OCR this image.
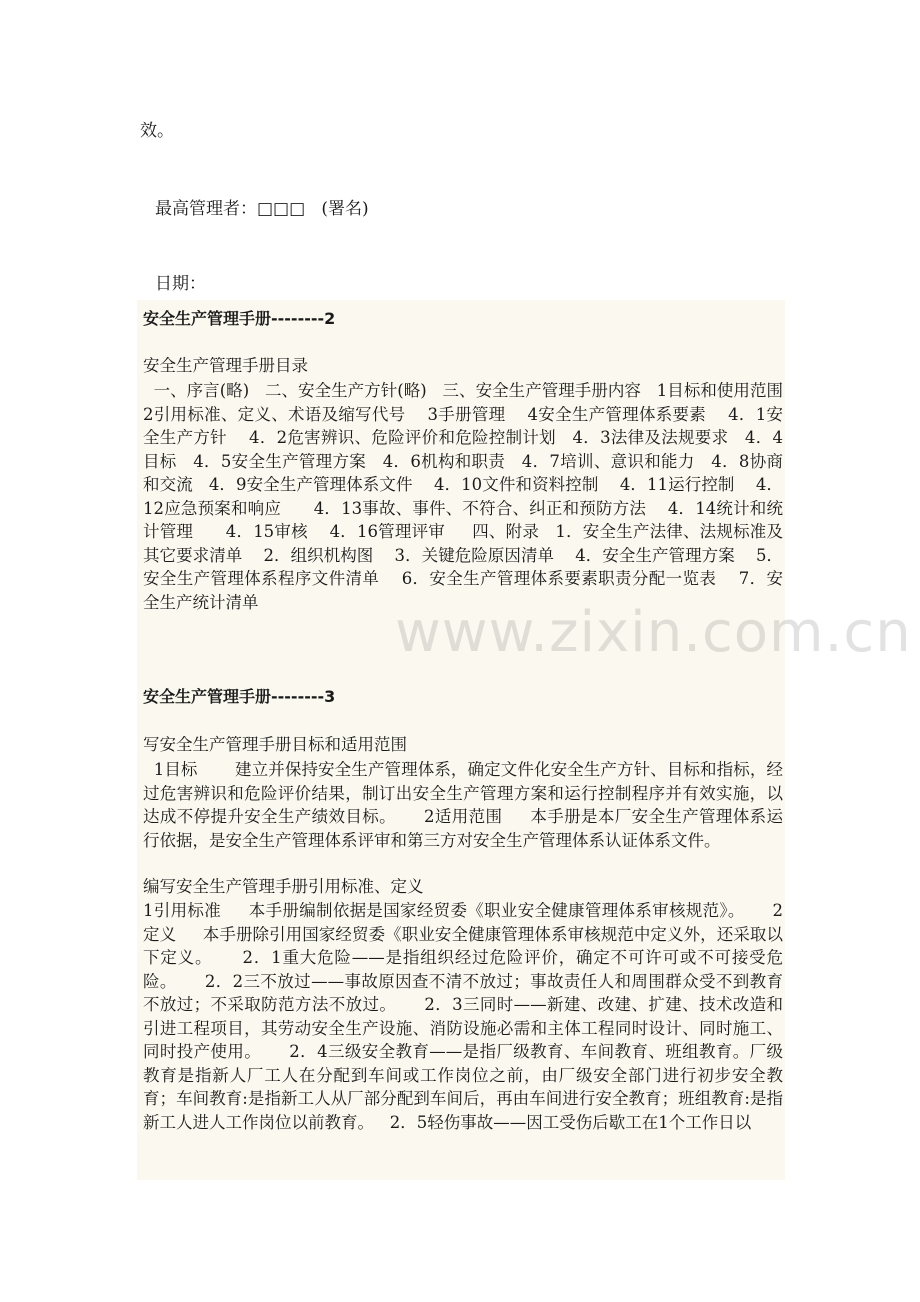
效。
最高管理者：□□□   (署名)
日期：
安全生产管理手册--------2
安全生产管理手册目录

一、序言(略)   二、安全生产方针(略)   三、安全生产管理手册内容   1目标和使用范围    2引用标准、定义、术语及缩写代号    3手册管理    4安全生产管理体系要素    4．1安全生产方针    4．2危害辨识、危险评价和危险控制计划   4．3法律及法规要求   4．4目标   4．5安全生产管理方案   4．6机构和职责   4．7培训、意识和能力   4．8协商和交流   4．9安全生产管理体系文件    4．10文件和资料控制    4．11运行控制    4．12应急预案和响应      4．13事故、事件、不符合、纠正和预防方法    4．14统计和统计管理      4．15审核    4．16管理评审     四、附录   1．安全生产法律、法规标准及其它要求清单    2．组织机构图    3．关键危险原因清单    4．安全生产管理方案    5．安全生产管理体系程序文件清单    6．安全生产管理体系要素职责分配一览表    7．安全生产统计清单

安全生产管理手册--------3
写安全生产管理手册目标和适用范围

1目标       建立并保持安全生产管理体系，确定文件化安全生产方针、目标和指标，经过危害辨识和危险评价结果，制订出安全生产管理方案和运行控制程序并有效实施，以达成不停提升安全生产绩效目标。     2适用范围     本手册是本厂安全生产管理体系运行依据，是安全生产管理体系评审和第三方对安全生产管理体系认证体系文件。

编写安全生产管理手册引用标准、定义

1引用标准     本手册编制依据是国家经贸委《职业安全健康管理体系审核规范》。     2定义     本手册除引用国家经贸委《职业安全健康管理体系审核规范中定义外，还采取以下定义。     2．1重大危险——是指组织经过危险评价，确定不可许可或不可接受危险。     2．2三不放过——事故原因查不清不放过；事故责任人和周围群众受不到教育不放过；不采取防范方法不放过。     2．3三同时——新建、改建、扩建、技术改造和引进工程项目，其劳动安全生产设施、消防设施必需和主体工程同时设计、同时施工、同时投产使用。     2．4三级安全教育——是指厂级教育、车间教育、班组教育。厂级教育是指新人厂工人在分配到车间或工作岗位之前，由厂级安全部门进行初步安全教育；车间教育:是指新工人从厂部分配到车间后，再由车间进行安全教育；班组教育:是指新工人进人工作岗位以前教育。   2．5轻伤事故——因工受伤后歇工在1个工作日以

www.zixin.com.cn
